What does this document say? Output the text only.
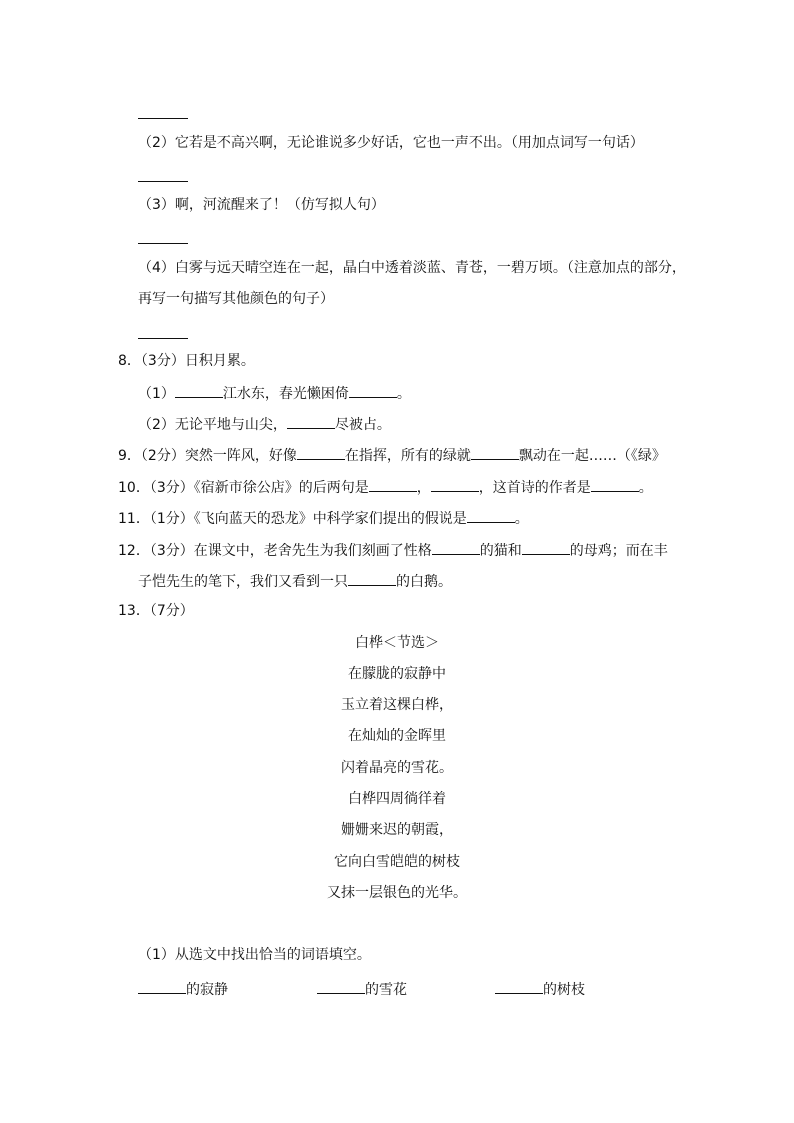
（2）它若是不高兴啊，无论谁说多少好话，它也一声不出。（用加点词写一句话）
（3）啊，河流醒来了！（仿写拟人句）
（4）白雾与远天晴空连在一起，晶白中透着淡蓝、青苍，一碧万顷。（注意加点的部分，
再写一句描写其他颜色的句子）
8．（3分）日积月累。
（1）	江水东，春光懒困倚	。
（2）无论平地与山尖，	尽被占。
9．（2分）突然一阵风，好像	在指挥，所有的绿就	飘动在一起……（《绿》
10．（3分）《宿新市徐公店》的后两句是	，	，这首诗的作者是	。
11．（1分）《飞向蓝天的恐龙》中科学家们提出的假说是	。
12．（3分）在课文中，老舍先生为我们刻画了性格	的猫和	的母鸡；而在丰
子恺先生的笔下，我们又看到一只	的白鹅。
13．（7分）
白桦＜节选＞
在朦胧的寂静中
玉立着这棵白桦，
在灿灿的金晖里
闪着晶亮的雪花。
白桦四周徜徉着
姗姗来迟的朝霞，
它向白雪皑皑的树枝
又抹一层银色的光华。
（1）从选文中找出恰当的词语填空。
的寂静	的雪花	的树枝
